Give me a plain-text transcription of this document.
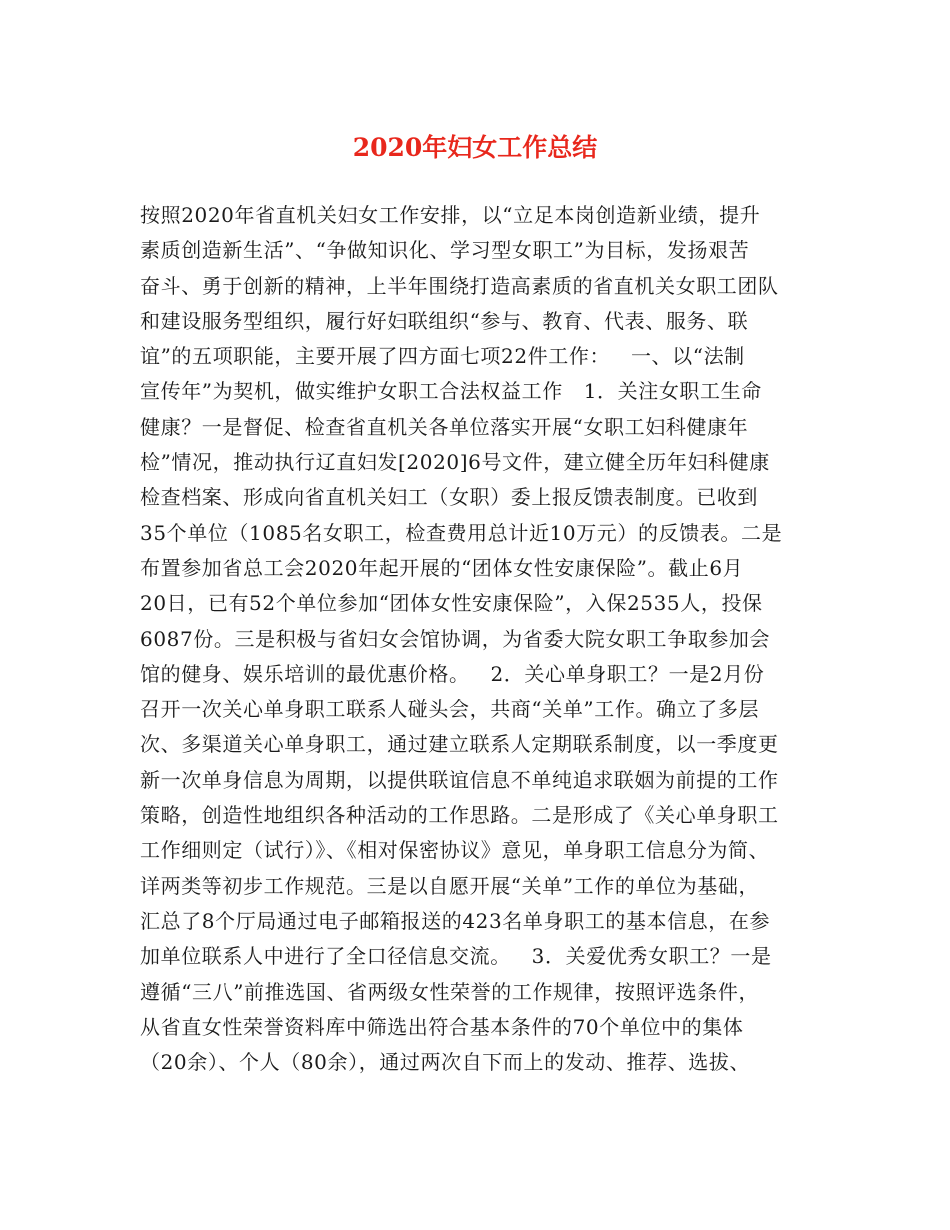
2020年妇女工作总结
按照2020年省直机关妇女工作安排，以“立足本岗创造新业绩，提升
素质创造新生活”、“争做知识化、学习型女职工”为目标，发扬艰苦
奋斗、勇于创新的精神，上半年围绕打造高素质的省直机关女职工团队
和建设服务型组织，履行好妇联组织“参与、教育、代表、服务、联
谊”的五项职能，主要开展了四方面七项22件工作：   一、以“法制
宣传年”为契机，做实维护女职工合法权益工作   1．关注女职工生命
健康？一是督促、检查省直机关各单位落实开展“女职工妇科健康年
检”情况，推动执行辽直妇发[2020]6号文件，建立健全历年妇科健康
检查档案、形成向省直机关妇工（女职）委上报反馈表制度。已收到
35个单位（1085名女职工，检查费用总计近10万元）的反馈表。二是
布置参加省总工会2020年起开展的“团体女性安康保险”。截止6月
20日，已有52个单位参加“团体女性安康保险”，入保2535人，投保
6087份。三是积极与省妇女会馆协调，为省委大院女职工争取参加会
馆的健身、娱乐培训的最优惠价格。   2．关心单身职工？一是2月份
召开一次关心单身职工联系人碰头会，共商“关单”工作。确立了多层
次、多渠道关心单身职工，通过建立联系人定期联系制度，以一季度更
新一次单身信息为周期，以提供联谊信息不单纯追求联姻为前提的工作
策略，创造性地组织各种活动的工作思路。二是形成了《关心单身职工
工作细则定（试行）》、《相对保密协议》意见，单身职工信息分为简、
详两类等初步工作规范。三是以自愿开展“关单”工作的单位为基础，
汇总了8个厅局通过电子邮箱报送的423名单身职工的基本信息，在参
加单位联系人中进行了全口径信息交流。   3．关爱优秀女职工？一是
遵循“三八”前推选国、省两级女性荣誉的工作规律，按照评选条件，
从省直女性荣誉资料库中筛选出符合基本条件的70个单位中的集体
（20余）、个人（80余），通过两次自下而上的发动、推荐、选拔、
